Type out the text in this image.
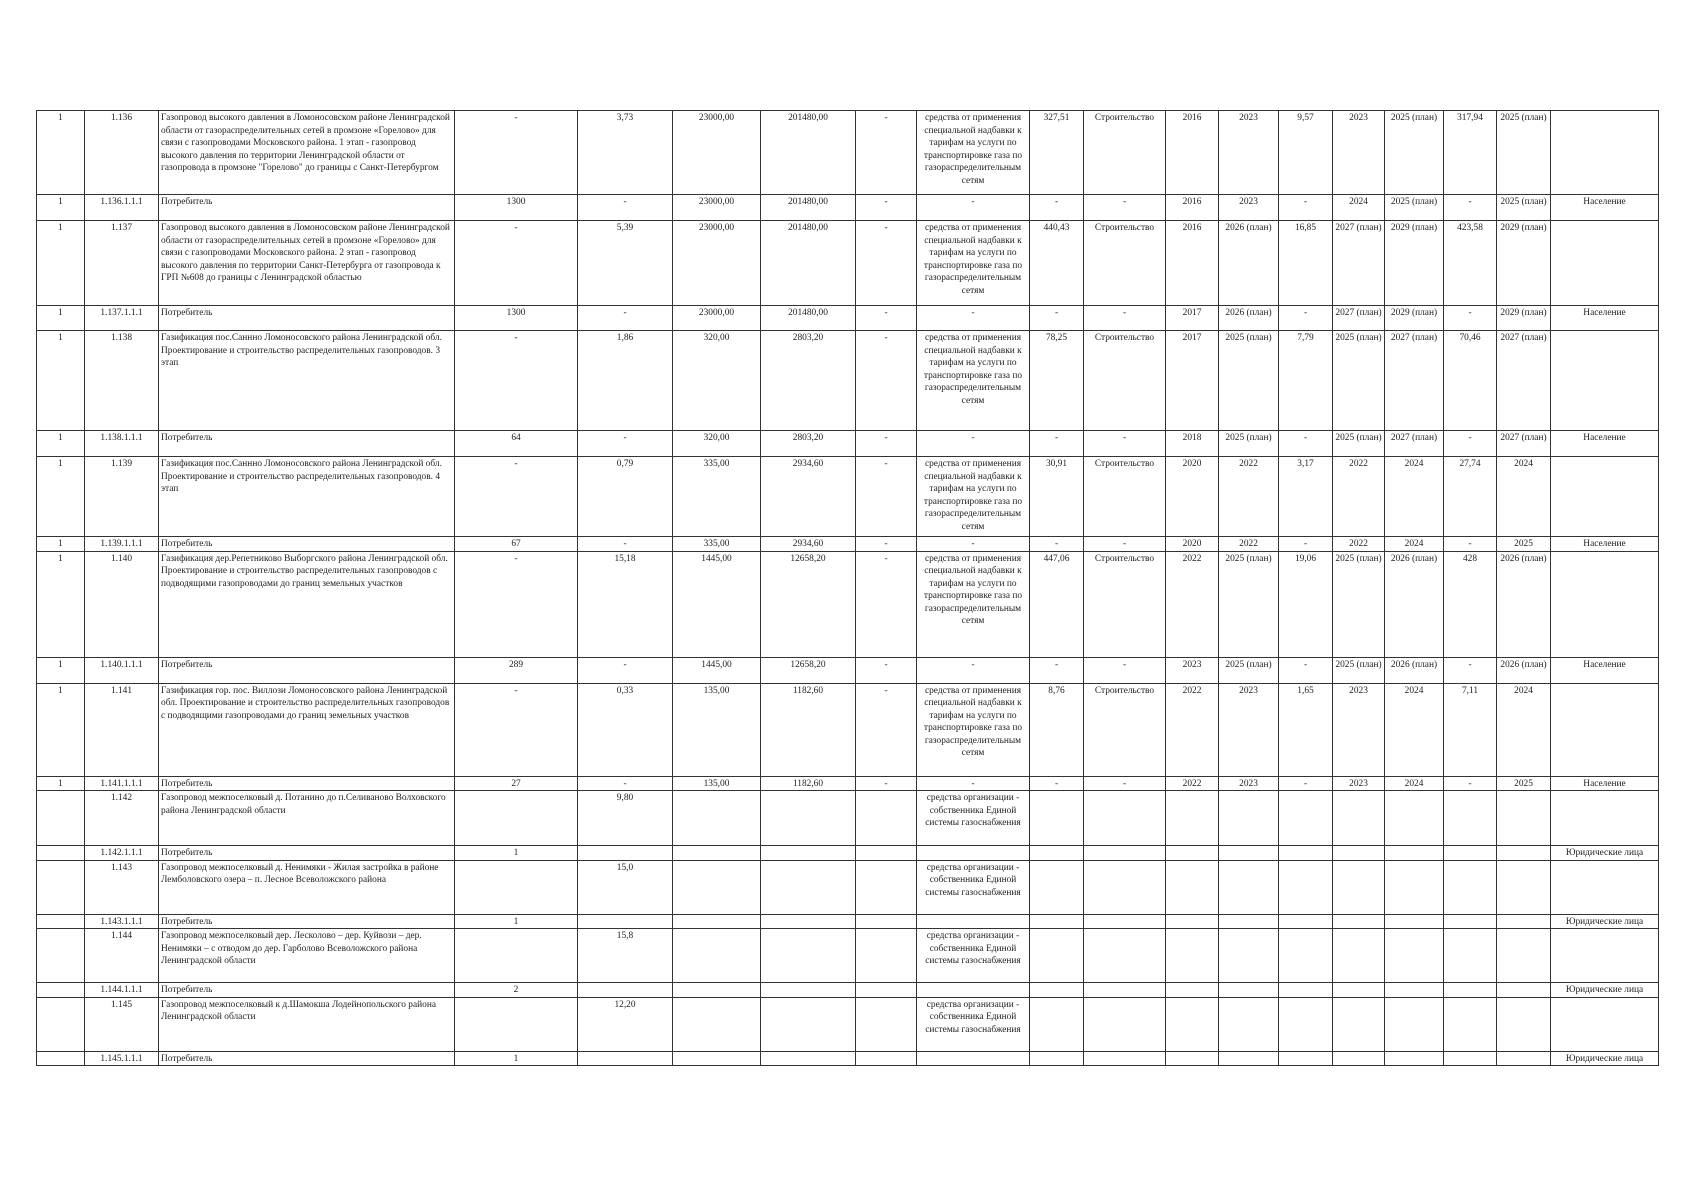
1	1.136	Газопровод высокого давления в Ломоносовском районе Ленинградской области от газораспределительных сетей в промзоне «Горелово» для связи с газопроводами Московского района. 1 этап - газопровод высокого давления по территории Ленинградской области от газопровода в промзоне "Горелово" до границы с Санкт-Петербургом	-	3,73	23000,00	201480,00	-	средства от применения специальной надбавки к тарифам на услуги по транспортировке газа по газораспределительным сетям	327,51	Строительство	2016	2023	9,57	2023	2025 (план)	317,94	2025 (план)	
1	1.136.1.1.1	Потребитель	1300	-	23000,00	201480,00	-	-	-	-	2016	2023	-	2024	2025 (план)	-	2025 (план)	Население
1	1.137	Газопровод высокого давления в Ломоносовском районе Ленинградской области от газораспределительных сетей в промзоне «Горелово» для связи с газопроводами Московского района. 2 этап - газопровод высокого давления по территории Санкт-Петербурга от газопровода к ГРП №608 до границы с Ленинградской областью	-	5,39	23000,00	201480,00	-	средства от применения специальной надбавки к тарифам на услуги по транспортировке газа по газораспределительным сетям	440,43	Строительство	2016	2026 (план)	16,85	2027 (план)	2029 (план)	423,58	2029 (план)	
1	1.137.1.1.1	Потребитель	1300	-	23000,00	201480,00	-	-	-	-	2017	2026 (план)	-	2027 (план)	2029 (план)	-	2029 (план)	Население
1	1.138	Газификация пос.Саннно Ломоносовского района Ленинградской обл. Проектирование и строительство распределительных газопроводов. 3 этап	-	1,86	320,00	2803,20	-	средства от применения специальной надбавки к тарифам на услуги по транспортировке газа по газораспределительным сетям	78,25	Строительство	2017	2025 (план)	7,79	2025 (план)	2027 (план)	70,46	2027 (план)	
1	1.138.1.1.1	Потребитель	64	-	320,00	2803,20	-	-	-	-	2018	2025 (план)	-	2025 (план)	2027 (план)	-	2027 (план)	Население
1	1.139	Газификация пос.Саннно Ломоносовского района Ленинградской обл. Проектирование и строительство распределительных газопроводов. 4 этап	-	0,79	335,00	2934,60	-	средства от применения специальной надбавки к тарифам на услуги по транспортировке газа по газораспределительным сетям	30,91	Строительство	2020	2022	3,17	2022	2024	27,74	2024	
1	1.139.1.1.1	Потребитель	67	-	335,00	2934,60	-	-	-	-	2020	2022	-	2022	2024	-	2025	Население
1	1.140	Газификация дер.Репетниково Выборгского района Ленинградской обл. Проектирование и строительство распределительных газопроводов с подводящими газопроводами до границ земельных участков	-	15,18	1445,00	12658,20	-	средства от применения специальной надбавки к тарифам на услуги по транспортировке газа по газораспределительным сетям	447,06	Строительство	2022	2025 (план)	19,06	2025 (план)	2026 (план)	428	2026 (план)	
1	1.140.1.1.1	Потребитель	289	-	1445,00	12658,20	-	-	-	-	2023	2025 (план)	-	2025 (план)	2026 (план)	-	2026 (план)	Население
1	1.141	Газификация гор. пос. Виллози Ломоносовского района Ленинградской обл. Проектирование и строительство распределительных газопроводов с подводящими газопроводами до границ земельных участков	-	0,33	135,00	1182,60	-	средства от применения специальной надбавки к тарифам на услуги по транспортировке газа по газораспределительным сетям	8,76	Строительство	2022	2023	1,65	2023	2024	7,11	2024	
1	1.141.1.1.1	Потребитель	27	-	135,00	1182,60	-	-	-	-	2022	2023	-	2023	2024	-	2025	Население
	1.142	Газопровод межпоселковый д. Потанино до п.Селиваново Волховского района Ленинградской области		9,80				средства организации - собственника Единой системы газоснабжения										
	1.142.1.1.1	Потребитель	1															Юридические лица
	1.143	Газопровод межпоселковый д. Ненимяки - Жилая застройка в районе Лемболовского озера – п. Лесное Всеволожского района		15,0				средства организации - собственника Единой системы газоснабжения										
	1.143.1.1.1	Потребитель	1															Юридические лица
	1.144	Газопровод межпоселковый дер. Лесколово – дер. Куйвози – дер. Ненимяки – с отводом до дер. Гарболово Всеволожского района Ленинградской области		15,8				средства организации - собственника Единой системы газоснабжения										
	1.144.1.1.1	Потребитель	2															Юридические лица
	1.145	Газопровод межпоселковый к д.Шамокша Лодейнопольского района Ленинградской области		12,20				средства организации - собственника Единой системы газоснабжения										
	1.145.1.1.1	Потребитель	1															Юридические лица
